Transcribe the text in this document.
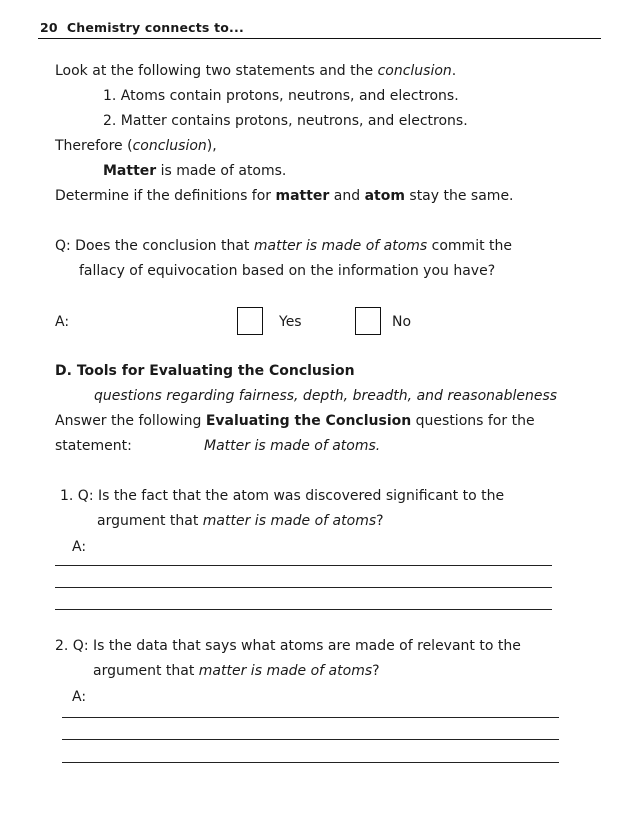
20 Chemistry connects to...
Look at the following two statements and the conclusion.
1. Atoms contain protons, neutrons, and electrons.
2. Matter contains protons, neutrons, and electrons.
Therefore (conclusion),
Matter is made of atoms.
Determine if the definitions for matter and atom stay the same.
Q: Does the conclusion that matter is made of atoms commit the
fallacy of equivocation based on the information you have?
A:	Yes	No
D. Tools for Evaluating the Conclusion
questions regarding fairness, depth, breadth, and reasonableness
Answer the following Evaluating the Conclusion questions for the
statement:	Matter is made of atoms.
1. Q: Is the fact that the atom was discovered significant to the
argument that matter is made of atoms?
A:
2. Q: Is the data that says what atoms are made of relevant to the
argument that matter is made of atoms?
A:
